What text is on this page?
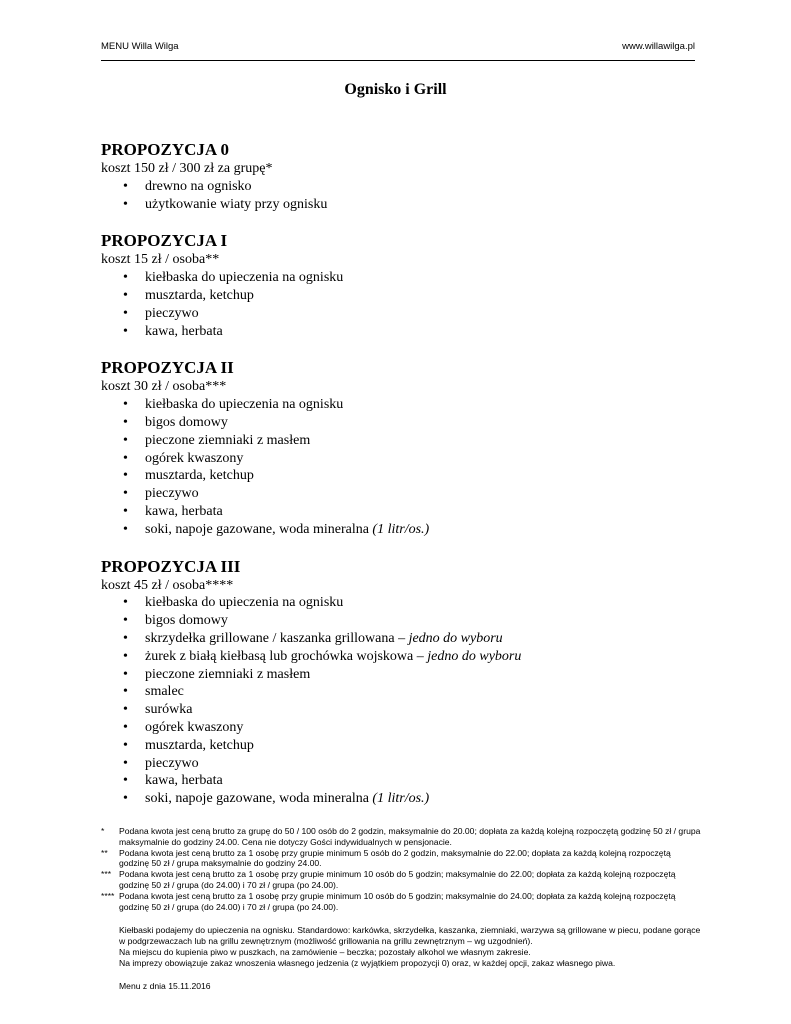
MENU Willa Wilga	www.willawilga.pl
Ognisko i Grill
PROPOZYCJA 0
koszt 150 zł / 300 zł za grupę*
• drewno na ognisko
• użytkowanie wiaty przy ognisku
PROPOZYCJA I
koszt 15 zł / osoba**
• kiełbaska do upieczenia na ognisku
• musztarda, ketchup
• pieczywo
• kawa, herbata
PROPOZYCJA II
koszt 30 zł / osoba***
• kiełbaska do upieczenia na ognisku
• bigos domowy
• pieczone ziemniaki z masłem
• ogórek kwaszony
• musztarda, ketchup
• pieczywo
• kawa, herbata
• soki, napoje gazowane, woda mineralna (1 litr/os.)
PROPOZYCJA III
koszt 45 zł / osoba****
• kiełbaska do upieczenia na ognisku
• bigos domowy
• skrzydełka grillowane / kaszanka grillowana – jedno do wyboru
• żurek z białą kiełbasą lub grochówka wojskowa – jedno do wyboru
• pieczone ziemniaki z masłem
• smalec
• surówka
• ogórek kwaszony
• musztarda, ketchup
• pieczywo
• kawa, herbata
• soki, napoje gazowane, woda mineralna (1 litr/os.)
*	Podana kwota jest ceną brutto za grupę do 50 / 100 osób do 2 godzin, maksymalnie do 20.00; dopłata za każdą kolejną rozpoczętą godzinę 50 zł / grupa maksymalnie do godziny 24.00. Cena nie dotyczy Gości indywidualnych w pensjonacie.
**	Podana kwota jest ceną brutto za 1 osobę przy grupie minimum 5 osób do 2 godzin, maksymalnie do 22.00; dopłata za każdą kolejną rozpoczętą godzinę 50 zł / grupa maksymalnie do godziny 24.00.
*** Podana kwota jest ceną brutto za 1 osobę przy grupie minimum 10 osób do 5 godzin; maksymalnie do 22.00; dopłata za każdą kolejną rozpoczętą godzinę 50 zł / grupa (do 24.00) i 70 zł / grupa (po 24.00).
**** Podana kwota jest ceną brutto za 1 osobę przy grupie minimum 10 osób do 5 godzin; maksymalnie do 24.00; dopłata za każdą kolejną rozpoczętą godzinę 50 zł / grupa (do 24.00) i 70 zł / grupa (po 24.00).
Kiełbaski podajemy do upieczenia na ognisku. Standardowo: karkówka, skrzydełka, kaszanka, ziemniaki, warzywa są grillowane w piecu, podane gorące w podgrzewaczach lub na grillu zewnętrznym (możliwość grillowania na grillu zewnętrznym – wg uzgodnień).
Na miejscu do kupienia piwo w puszkach, na zamówienie – beczka; pozostały alkohol we własnym zakresie.
Na imprezy obowiązuje zakaz wnoszenia własnego jedzenia (z wyjątkiem propozycji 0) oraz, w każdej opcji, zakaz własnego piwa.
Menu z dnia 15.11.2016
